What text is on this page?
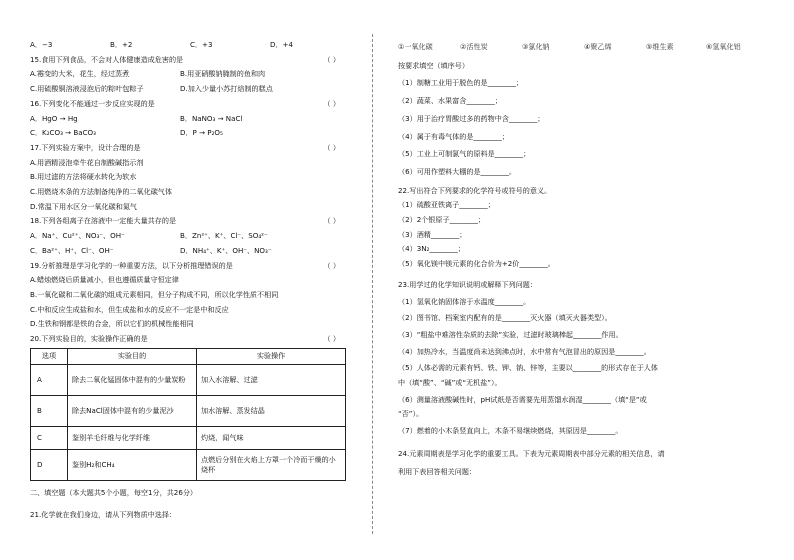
A．−3	B．+2	C．+3	D．+4
15.食用下列食品，不会对人体健康造成危害的是	（ ）
A.霉变的大米，花生，经过蒸煮	B.用亚硝酸钠腌制的鱼和肉
C.用硫酸铜溶液浸泡后的粽叶包粽子	D.加入少量小苏打焙制的糕点
16.下列变化不能通过一步反应实现的是	（ ）
A．HgO → Hg	B．NaNO₃ → NaCl
C．K₂CO₃ → BaCO₃	D．P → P₂O₅
17.下列实验方案中，设计合理的是	（ ）
A.用酒精浸泡牵牛花自制酸碱指示剂
B.用过滤的方法将硬水转化为软水
C.用燃烧木条的方法制备纯净的二氧化碳气体
D.常温下用水区分一氧化碳和氮气
18.下列各组离子在溶液中一定能大量共存的是	（ ）
A．Na⁺、Cu²⁺、NO₃⁻、OH⁻	B．Zn²⁺、K⁺、Cl⁻、SO₄²⁻
C．Ba²⁺、H⁺、Cl⁻、OH⁻	D．NH₄⁺、K⁺、OH⁻、NO₃⁻
19.分析推理是学习化学的一种重要方法，以下分析推理错误的是	（ ）
A.蜡烛燃烧后质量减小，但也遵循质量守恒定律
B.一氧化碳和二氧化碳的组成元素相同，但分子构成不同，所以化学性质不相同
C.中和反应生成盐和水，但生成盐和水的反应不一定是中和反应
D.生铁和钢都是铁的合金，所以它们的机械性能相同
20.下列实验目的，实验操作正确的是	（ ）
选项	实验目的	实验操作
A	除去二氧化锰固体中混有的少量炭粉	加入水溶解、过滤
B	除去NaCl固体中混有的少量泥沙	加水溶解、蒸发结晶
C	鉴别羊毛纤维与化学纤维	灼烧，闻气味
D	鉴别H₂和CH₄	点燃后分别在火焰上方罩一个冷而干燥的小烧杯
二、填空题（本大题共5个小题，每空1分，共26分）
21.化学就在我们身边，请从下列物质中选择：
①一氧化碳	②活性炭	③氯化钠	④聚乙烯	⑤维生素	⑥氢氧化铝
按要求填空（填序号）
（1）制糖工业用于脱色的是________；
（2）蔬菜、水果富含________；
（3）用于治疗胃酸过多的药物中含________；
（4）属于有毒气体的是________；
（5）工业上可制氯气的原料是________；
（6）可用作塑料大棚的是________。
22.写出符合下列要求的化学符号或符号的意义。
（1）硫酸亚铁离子________；
（2）2个银原子________；
（3）酒精________；
（4）3N₂________；
（5）氧化镁中镁元素的化合价为+2价________。
23.用学过的化学知识说明或解释下列问题：
（1）氢氧化钠固体溶于水温度________。
（2）图书馆、档案室内配有的是________灭火器（填灭火器类型）。
（3）“粗盐中难溶性杂质的去除”实验，过滤时玻璃棒起________作用。
（4）加热冷水，当温度尚未达到沸点时，水中常有气泡冒出的原因是________。
（5）人体必需的元素有钙、铁、钾、钠、锌等，主要以________的形式存在于人体
中（填“酸”、“碱”或“无机盐”）。
（6）测量溶液酸碱性时，pH试纸是否需要先用蒸馏水润湿________（填“是”或
“否”）。
（7）燃着的小木条竖直向上，木条不易继续燃烧，其原因是________。
24.元素周期表是学习化学的重要工具。下表为元素周期表中部分元素的相关信息，请
利用下表回答相关问题：
